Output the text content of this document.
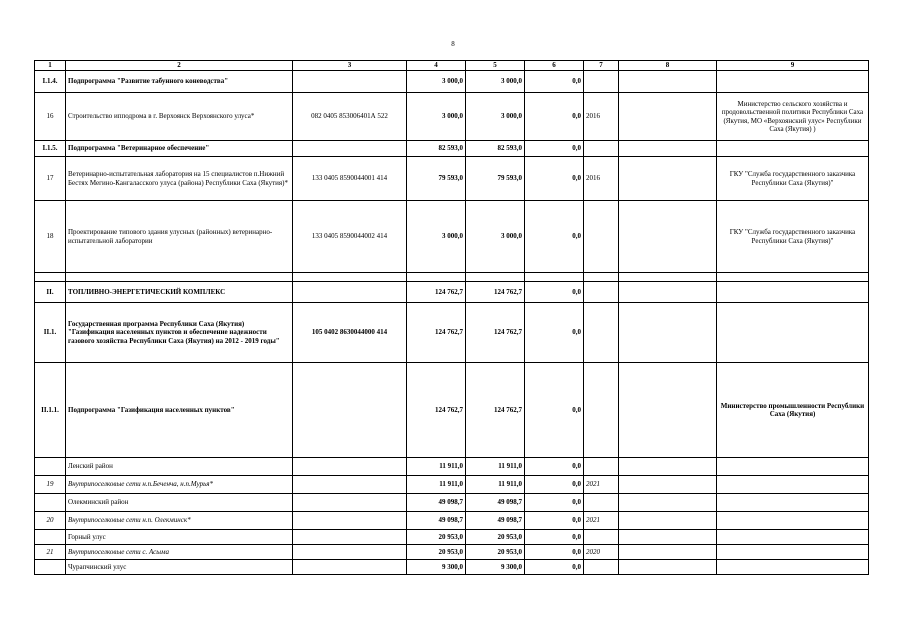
8
1	2	3	4	5	6	7	8	9
I.1.4.	Подпрограмма "Развитие табунного коневодства"		3 000,0	3 000,0	0,0			
16	Строительство ипподрома в г. Верхоянск Верхоянского улуса*	082 0405 853006401А 522	3 000,0	3 000,0	0,0	2016		Министерство сельского хозяйства и продовольственной политики Республики Саха (Якутия, МО «Верхоянский улус» Республики Саха (Якутия) )
I.1.5.	Подпрограмма "Ветеринарное обеспечение"		82 593,0	82 593,0	0,0			
17	Ветеринарно-испытательная лаборатория на 15 специалистов п.Нижний Бестях Мегино-Кангаласского улуса (района) Республики Саха (Якутия)*	133 0405 8590044001 414	79 593,0	79 593,0	0,0	2016		ГКУ "Служба государственного заказчика Республики Саха (Якутия)"
18	Проектирование типового здания улусных (районных) ветеринарно-испытательной лаборатории	133 0405 8590044002 414	3 000,0	3 000,0	0,0			ГКУ "Служба государственного заказчика Республики Саха (Якутия)"

II.	ТОПЛИВНО-ЭНЕРГЕТИЧЕСКИЙ КОМПЛЕКС		124 762,7	124 762,7	0,0			
II.1.	Государственная программа Республики Саха (Якутия) "Газификация населенных пунктов и обеспечение надежности газового хозяйства Республики Саха (Якутия) на 2012 - 2019 годы"	105 0402 8630044000 414	124 762,7	124 762,7	0,0			
II.1.1.	Подпрограмма "Газификация населенных пунктов"		124 762,7	124 762,7	0,0			Министерство промышленности Республики Саха (Якутия)
	Ленский район		11 911,0	11 911,0	0,0			
19	Внутрипоселковые сети н.п.Беченча, н.п.Мурья*		11 911,0	11 911,0	0,0	2021		
	Олекминский район		49 098,7	49 098,7	0,0			
20	Внутрипоселковые сети н.п. Олекминск*		49 098,7	49 098,7	0,0	2021		
	Горный улус		20 953,0	20 953,0	0,0			
21	Внутрипоселковые сети с. Асыма		20 953,0	20 953,0	0,0	2020		
	Чурапчинский улус		9 300,0	9 300,0	0,0			
